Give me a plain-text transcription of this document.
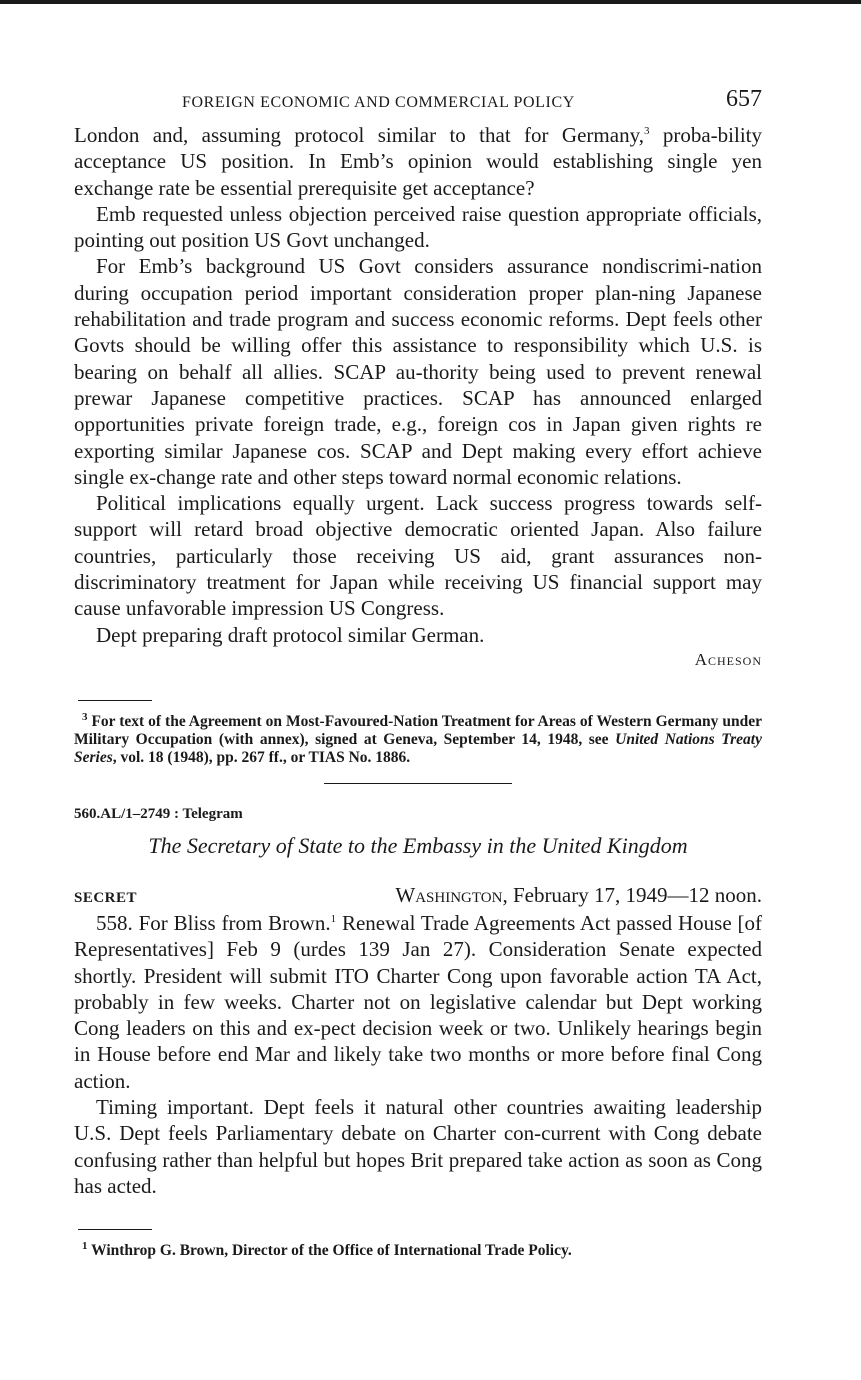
FOREIGN ECONOMIC AND COMMERCIAL POLICY	657

London and, assuming protocol similar to that for Germany,$^3$ proba-bility acceptance US position. In Emb’s opinion would establishing single yen exchange rate be essential prerequisite get acceptance?

Emb requested unless objection perceived raise question appropriate officials, pointing out position US Govt unchanged.

For Emb’s background US Govt considers assurance nondiscrimi-nation during occupation period important consideration proper plan-ning Japanese rehabilitation and trade program and success economic reforms. Dept feels other Govts should be willing offer this assistance to responsibility which U.S. is bearing on behalf all allies. SCAP au-thority being used to prevent renewal prewar Japanese competitive practices. SCAP has announced enlarged opportunities private foreign trade, e.g., foreign cos in Japan given rights re exporting similar Japanese cos. SCAP and Dept making every effort achieve single ex-change rate and other steps toward normal economic relations.

Political implications equally urgent. Lack success progress towards self-support will retard broad objective democratic oriented Japan. Also failure countries, particularly those receiving US aid, grant assurances non-discriminatory treatment for Japan while receiving US financial support may cause unfavorable impression US Congress.

Dept preparing draft protocol similar German.

Acheson

$^3$ For text of the Agreement on Most-Favoured-Nation Treatment for Areas of Western Germany under Military Occupation (with annex), signed at Geneva, September 14, 1948, see United Nations Treaty Series, vol. 18 (1948), pp. 267 ff., or TIAS No. 1886.

560.AL/1–2749 : Telegram

The Secretary of State to the Embassy in the United Kingdom

SECRET	Washington, February 17, 1949—12 noon.

558. For Bliss from Brown.$^1$ Renewal Trade Agreements Act passed House [of Representatives] Feb 9 (urdes 139 Jan 27). Consideration Senate expected shortly. President will submit ITO Charter Cong upon favorable action TA Act, probably in few weeks. Charter not on legislative calendar but Dept working Cong leaders on this and ex-pect decision week or two. Unlikely hearings begin in House before end Mar and likely take two months or more before final Cong action.

Timing important. Dept feels it natural other countries awaiting leadership U.S. Dept feels Parliamentary debate on Charter con-current with Cong debate confusing rather than helpful but hopes Brit prepared take action as soon as Cong has acted.

$^1$ Winthrop G. Brown, Director of the Office of International Trade Policy.
